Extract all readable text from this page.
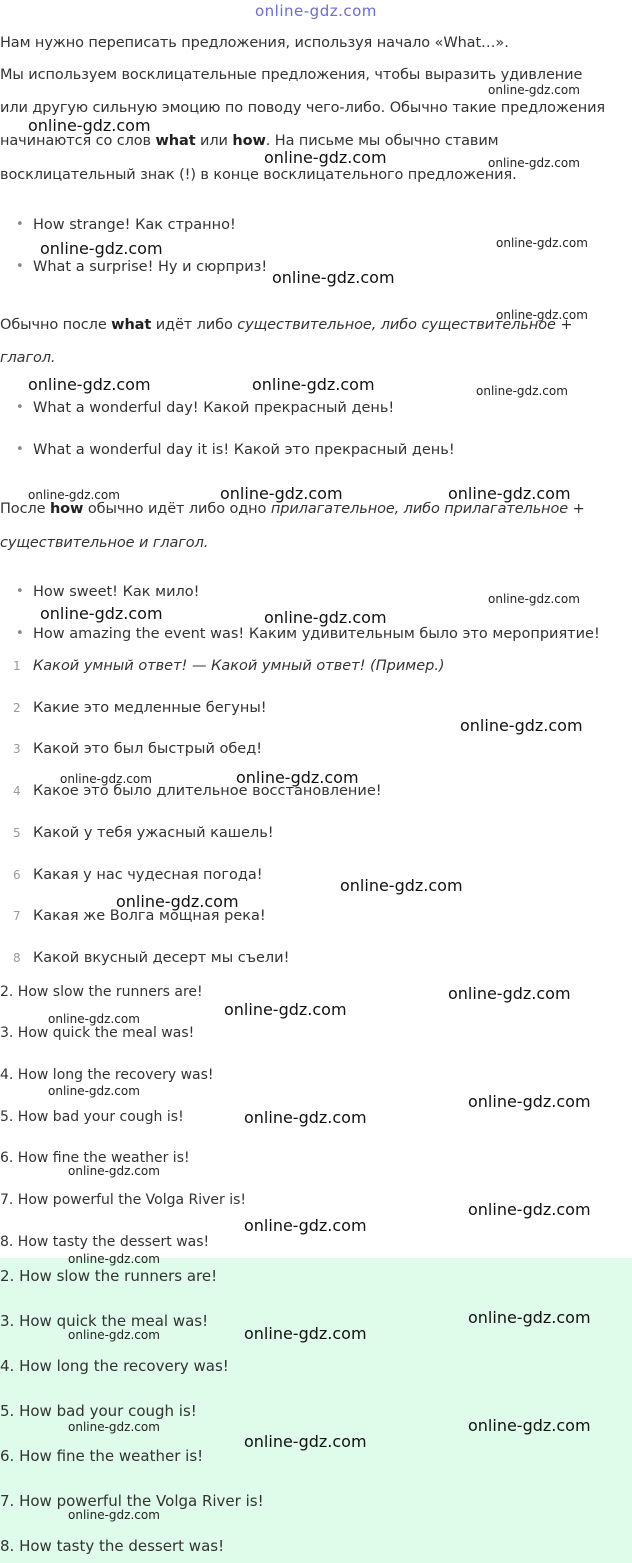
online-gdz.com
Нам нужно переписать предложения, используя начало «What…».
Мы используем восклицательные предложения, чтобы выразить удивление
или другую сильную эмоцию по поводу чего-либо. Обычно такие предложения
начинаются со слов what или how. На письме мы обычно ставим
восклицательный знак (!) в конце восклицательного предложения.
• How strange! Как странно!
• What a surprise! Ну и сюрприз!
Обычно после what идёт либо существительное, либо существительное +
глагол.
• What a wonderful day! Какой прекрасный день!
• What a wonderful day it is! Какой это прекрасный день!
После how обычно идёт либо одно прилагательное, либо прилагательное +
существительное и глагол.
• How sweet! Как мило!
• How amazing the event was! Каким удивительным было это мероприятие!
1 Какой умный ответ! — Какой умный ответ! (Пример.)
2 Какие это медленные бегуны!
3 Какой это был быстрый обед!
4 Какое это было длительное восстановление!
5 Какой у тебя ужасный кашель!
6 Какая у нас чудесная погода!
7 Какая же Волга мощная река!
8 Какой вкусный десерт мы съели!
2. How slow the runners are!
3. How quick the meal was!
4. How long the recovery was!
5. How bad your cough is!
6. How fine the weather is!
7. How powerful the Volga River is!
8. How tasty the dessert was!
2. How slow the runners are!
3. How quick the meal was!
4. How long the recovery was!
5. How bad your cough is!
6. How fine the weather is!
7. How powerful the Volga River is!
8. How tasty the dessert was!
online-gdz.com
online-gdz.com
online-gdz.com
online-gdz.com
online-gdz.com	online-gdz.com
online-gdz.com	online-gdz.com
online-gdz.com	online-gdz.com
online-gdz.com
online-gdz.com
online-gdz.com
online-gdz.com
online-gdz.com
online-gdz.com
online-gdz.com
online-gdz.com
online-gdz.com
online-gdz.com
online-gdz.com
online-gdz.com
online-gdz.com
online-gdz.com
online-gdz.com
online-gdz.com
online-gdz.com
online-gdz.com
online-gdz.com
online-gdz.com
online-gdz.com
online-gdz.com
online-gdz.com
online-gdz.com
online-gdz.com
online-gdz.com
online-gdz.com
online-gdz.com
online-gdz.com
